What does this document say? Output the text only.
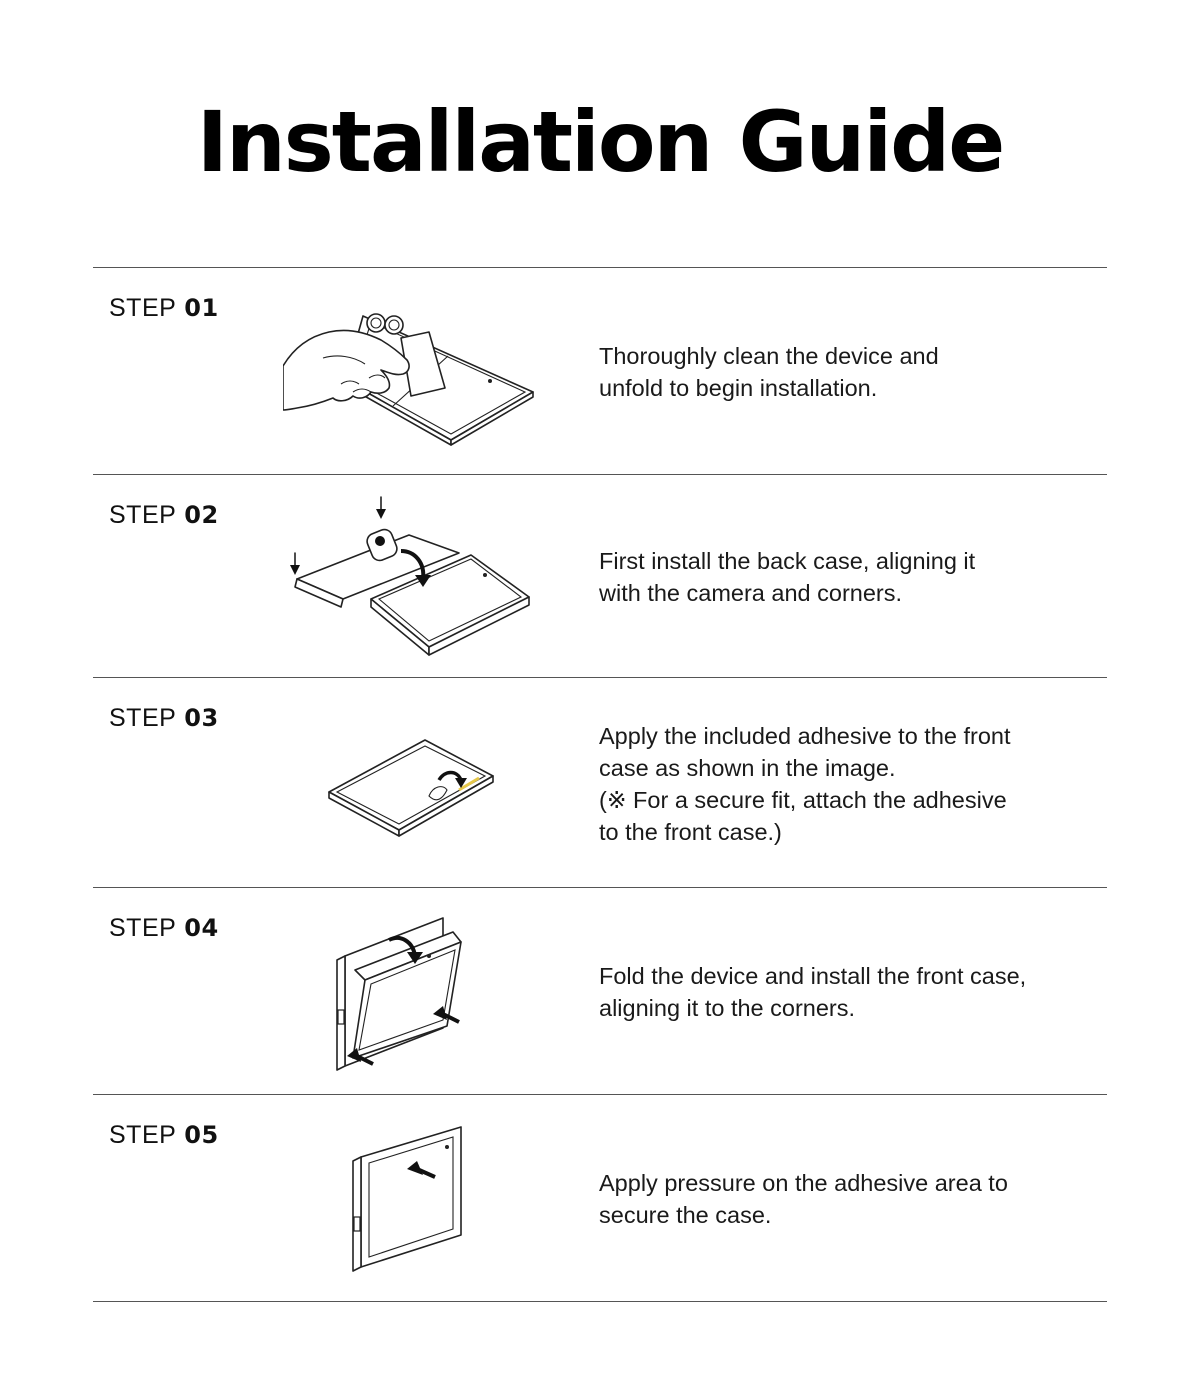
Installation Guide
STEP 01
Thoroughly clean the device and
unfold to begin installation.
STEP 02
First install the back case, aligning it
with the camera and corners.
STEP 03
Apply the included adhesive to the front
case as shown in the image.
(※ For a secure fit, attach the adhesive
to the front case.)
STEP 04
Fold the device and install the front case,
aligning it to the corners.
STEP 05
Apply pressure on the adhesive area to
secure the case.
